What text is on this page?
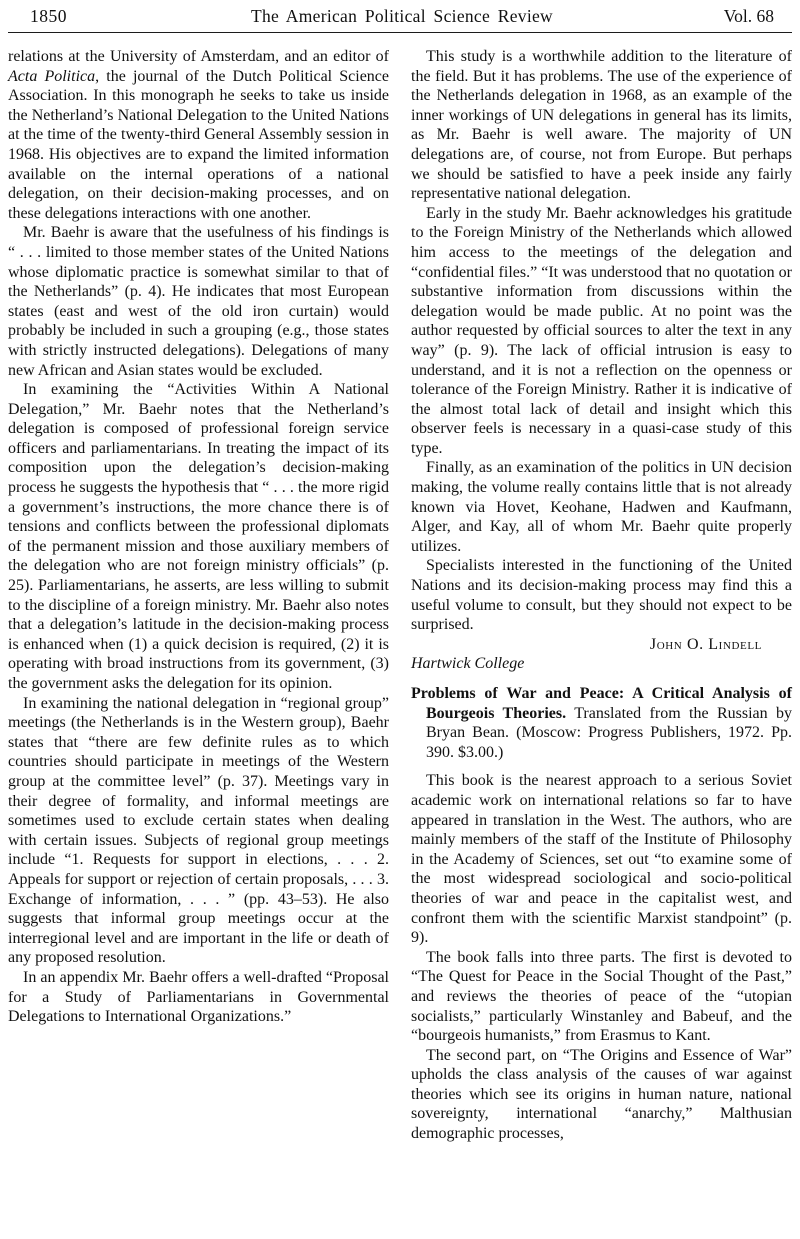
1850	The American Political Science Review	Vol. 68

relations at the University of Amsterdam, and an editor of Acta Politica, the journal of the Dutch Political Science Association. In this monograph he seeks to take us inside the Netherland’s National Delegation to the United Nations at the time of the twenty-third General Assembly session in 1968. His objectives are to expand the limited information available on the internal operations of a national delegation, on their decision-making processes, and on these delegations interactions with one another.

Mr. Baehr is aware that the usefulness of his findings is “ . . . limited to those member states of the United Nations whose diplomatic practice is somewhat similar to that of the Netherlands” (p. 4). He indicates that most European states (east and west of the old iron curtain) would probably be included in such a grouping (e.g., those states with strictly instructed delegations). Delegations of many new African and Asian states would be excluded.

In examining the “Activities Within A National Delegation,” Mr. Baehr notes that the Netherland’s delegation is composed of professional foreign service officers and parliamentarians. In treating the impact of its composition upon the delegation’s decision-making process he suggests the hypothesis that “ . . . the more rigid a government’s instructions, the more chance there is of tensions and conflicts between the professional diplomats of the permanent mission and those auxiliary members of the delegation who are not foreign ministry officials” (p. 25). Parliamentarians, he asserts, are less willing to submit to the discipline of a foreign ministry. Mr. Baehr also notes that a delegation’s latitude in the decision-making process is enhanced when (1) a quick decision is required, (2) it is operating with broad instructions from its government, (3) the government asks the delegation for its opinion.

In examining the national delegation in “regional group” meetings (the Netherlands is in the Western group), Baehr states that “there are few definite rules as to which countries should participate in meetings of the Western group at the committee level” (p. 37). Meetings vary in their degree of formality, and informal meetings are sometimes used to exclude certain states when dealing with certain issues. Subjects of regional group meetings include “1. Requests for support in elections, . . . 2. Appeals for support or rejection of certain proposals, . . . 3. Exchange of information, . . . ” (pp. 43–53). He also suggests that informal group meetings occur at the interregional level and are important in the life or death of any proposed resolution.

In an appendix Mr. Baehr offers a well-drafted “Proposal for a Study of Parliamentarians in Governmental Delegations to International Organizations.”

This study is a worthwhile addition to the literature of the field. But it has problems. The use of the experience of the Netherlands delegation in 1968, as an example of the inner workings of UN delegations in general has its limits, as Mr. Baehr is well aware. The majority of UN delegations are, of course, not from Europe. But perhaps we should be satisfied to have a peek inside any fairly representative national delegation.

Early in the study Mr. Baehr acknowledges his gratitude to the Foreign Ministry of the Netherlands which allowed him access to the meetings of the delegation and “confidential files.” “It was understood that no quotation or substantive information from discussions within the delegation would be made public. At no point was the author requested by official sources to alter the text in any way” (p. 9). The lack of official intrusion is easy to understand, and it is not a reflection on the openness or tolerance of the Foreign Ministry. Rather it is indicative of the almost total lack of detail and insight which this observer feels is necessary in a quasi-case study of this type.

Finally, as an examination of the politics in UN decision making, the volume really contains little that is not already known via Hovet, Keohane, Hadwen and Kaufmann, Alger, and Kay, all of whom Mr. Baehr quite properly utilizes.

Specialists interested in the functioning of the United Nations and its decision-making process may find this a useful volume to consult, but they should not expect to be surprised.

John O. Lindell

Hartwick College

Problems of War and Peace: A Critical Analysis of Bourgeois Theories. Translated from the Russian by Bryan Bean. (Moscow: Progress Publishers, 1972. Pp. 390. $3.00.)

This book is the nearest approach to a serious Soviet academic work on international relations so far to have appeared in translation in the West. The authors, who are mainly members of the staff of the Institute of Philosophy in the Academy of Sciences, set out “to examine some of the most widespread sociological and socio-political theories of war and peace in the capitalist west, and confront them with the scientific Marxist standpoint” (p. 9).

The book falls into three parts. The first is devoted to “The Quest for Peace in the Social Thought of the Past,” and reviews the theories of peace of the “utopian socialists,” particularly Winstanley and Babeuf, and the “bourgeois humanists,” from Erasmus to Kant.

The second part, on “The Origins and Essence of War” upholds the class analysis of the causes of war against theories which see its origins in human nature, national sovereignty, international “anarchy,” Malthusian demographic processes,
